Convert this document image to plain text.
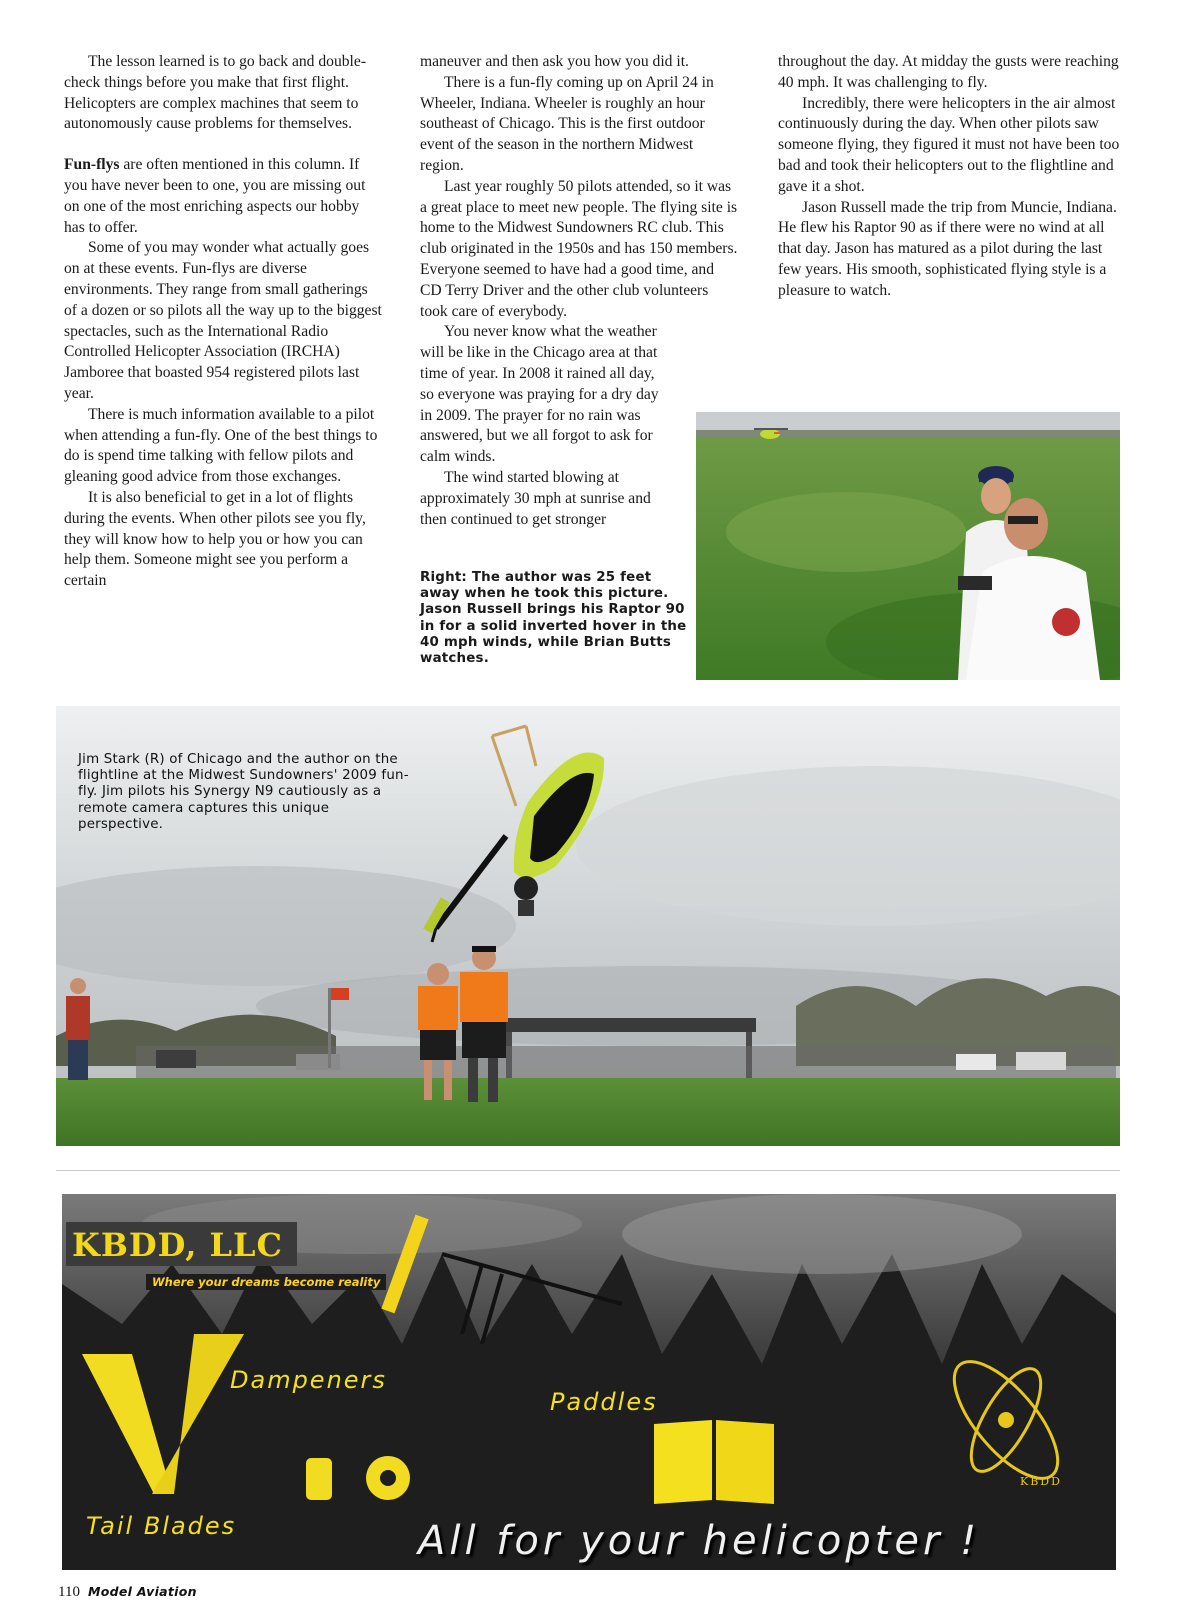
The lesson learned is to go back and double-check things before you make that first flight. Helicopters are complex machines that seem to autonomously cause problems for themselves.

Fun-flys are often mentioned in this column. If you have never been to one, you are missing out on one of the most enriching aspects our hobby has to offer.

Some of you may wonder what actually goes on at these events. Fun-flys are diverse environments. They range from small gatherings of a dozen or so pilots all the way up to the biggest spectacles, such as the International Radio Controlled Helicopter Association (IRCHA) Jamboree that boasted 954 registered pilots last year.

There is much information available to a pilot when attending a fun-fly. One of the best things to do is spend time talking with fellow pilots and gleaning good advice from those exchanges.

It is also beneficial to get in a lot of flights during the events. When other pilots see you fly, they will know how to help you or how you can help them. Someone might see you perform a certain

maneuver and then ask you how you did it.

There is a fun-fly coming up on April 24 in Wheeler, Indiana. Wheeler is roughly an hour southeast of Chicago. This is the first outdoor event of the season in the northern Midwest region.

Last year roughly 50 pilots attended, so it was a great place to meet new people. The flying site is home to the Midwest Sundowners RC club. This club originated in the 1950s and has 150 members. Everyone seemed to have had a good time, and CD Terry Driver and the other club volunteers took care of everybody.

You never know what the weather will be like in the Chicago area at that time of year. In 2008 it rained all day, so everyone was praying for a dry day in 2009. The prayer for no rain was answered, but we all forgot to ask for calm winds.

The wind started blowing at approximately 30 mph at sunrise and then continued to get stronger

throughout the day. At midday the gusts were reaching 40 mph. It was challenging to fly.

Incredibly, there were helicopters in the air almost continuously during the day. When other pilots saw someone flying, they figured it must not have been too bad and took their helicopters out to the flightline and gave it a shot.

Jason Russell made the trip from Muncie, Indiana. He flew his Raptor 90 as if there were no wind at all that day. Jason has matured as a pilot during the last few years. His smooth, sophisticated flying style is a pleasure to watch.

Right: The author was 25 feet away when he took this picture. Jason Russell brings his Raptor 90 in for a solid inverted hover in the 40 mph winds, while Brian Butts watches.
Jim Stark (R) of Chicago and the author on the flightline at the Midwest Sundowners' 2009 fun-fly. Jim pilots his Synergy N9 cautiously as a remote camera captures this unique perspective.
KBDD, LLC
Where your dreams become reality
Dampeners
Paddles
Tail Blades	All for your helicopter !
KBDD
110 Model Aviation
